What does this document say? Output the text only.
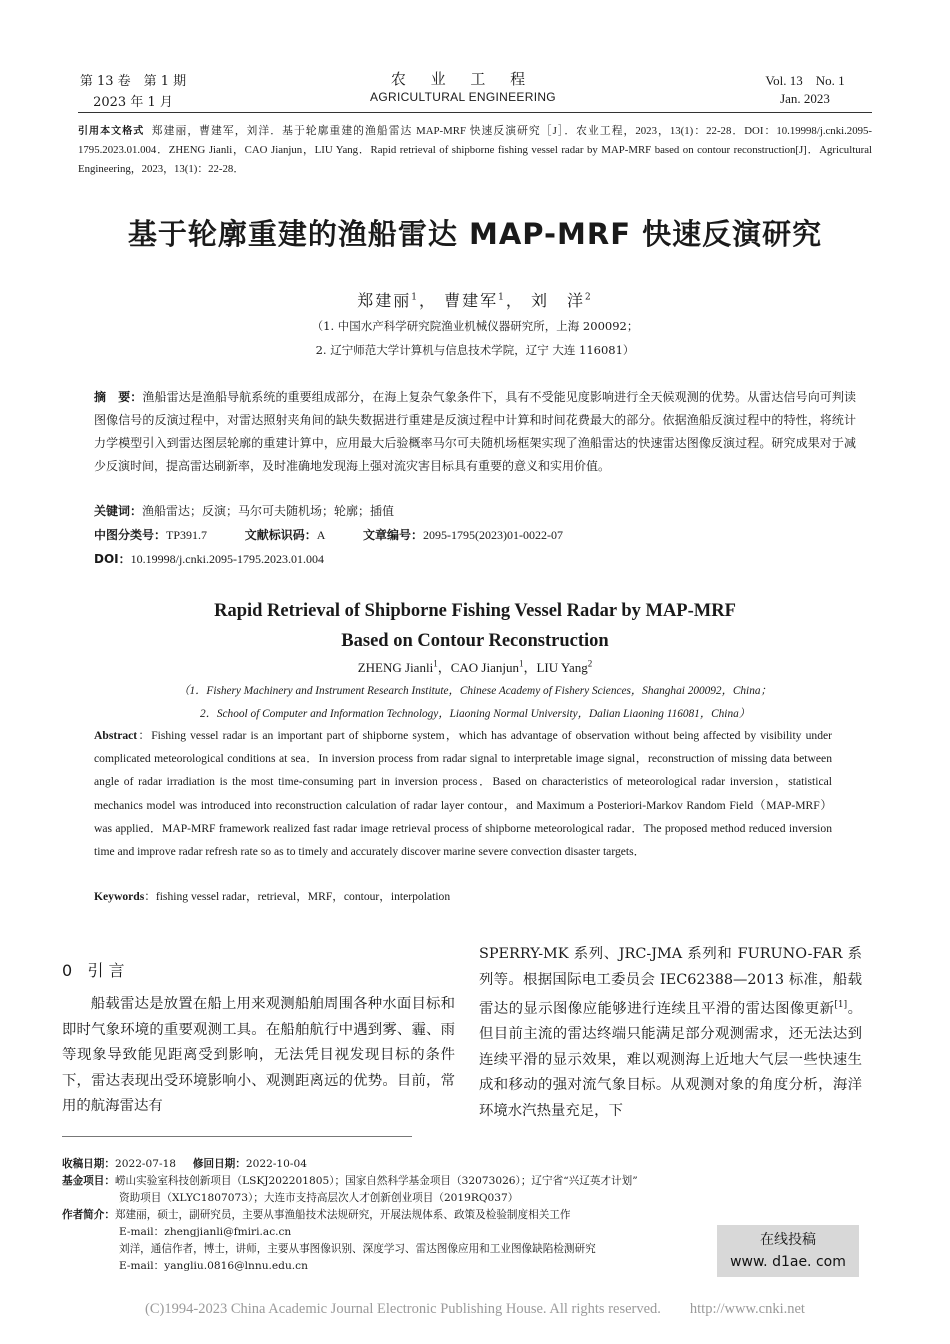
第 13 卷　第 1 期
2023 年 1 月
农 业 工 程
AGRICULTURAL ENGINEERING
Vol. 13　No. 1
Jan. 2023
引用本文格式 郑建丽，曹建军，刘洋．基于轮廓重建的渔船雷达 MAP-MRF 快速反演研究［J］．农业工程，2023，13(1)：22-28．DOI：10.19998/j.cnki.2095-1795.2023.01.004．ZHENG Jianli，CAO Jianjun，LIU Yang．Rapid retrieval of shipborne fishing vessel radar by MAP-MRF based on contour reconstruction[J]．Agricultural Engineering，2023，13(1)：22-28．
基于轮廓重建的渔船雷达 MAP-MRF 快速反演研究
郑建丽$^1$， 曹建军$^1$， 刘　洋$^2$
（1. 中国水产科学研究院渔业机械仪器研究所，上海 200092；
2. 辽宁师范大学计算机与信息技术学院，辽宁 大连 116081）
摘　要：渔船雷达是渔船导航系统的重要组成部分，在海上复杂气象条件下，具有不受能见度影响进行全天候观测的优势。从雷达信号向可判读图像信号的反演过程中，对雷达照射夹角间的缺失数据进行重建是反演过程中计算和时间花费最大的部分。依据渔船反演过程中的特性，将统计力学模型引入到雷达图层轮廓的重建计算中，应用最大后验概率马尔可夫随机场框架实现了渔船雷达的快速雷达图像反演过程。研究成果对于减少反演时间，提高雷达刷新率，及时准确地发现海上强对流灾害目标具有重要的意义和实用价值。
关键词：渔船雷达；反演；马尔可夫随机场；轮廓；插值
中图分类号：TP391.7	文献标识码：A	文章编号：2095-1795(2023)01-0022-07
DOI：10.19998/j.cnki.2095-1795.2023.01.004
Rapid Retrieval of Shipborne Fishing Vessel Radar by MAP-MRF
Based on Contour Reconstruction
ZHENG Jianli$^1$，CAO Jianjun$^1$，LIU Yang$^2$
（1．Fishery Machinery and Instrument Research Institute，Chinese Academy of Fishery Sciences，Shanghai 200092，China；
2．School of Computer and Information Technology，Liaoning Normal University，Dalian Liaoning 116081，China）
Abstract：Fishing vessel radar is an important part of shipborne system，which has advantage of observation without being affected by visibility under complicated meteorological conditions at sea．In inversion process from radar signal to interpretable image signal，reconstruction of missing data between angle of radar irradiation is the most time-consuming part in inversion process．Based on characteristics of meteorological radar inversion，statistical mechanics model was introduced into reconstruction calculation of radar layer contour，and Maximum a Posteriori-Markov Random Field（MAP-MRF）was applied．MAP-MRF framework realized fast radar image retrieval process of shipborne meteorological radar．The proposed method reduced inversion time and improve radar refresh rate so as to timely and accurately discover marine severe convection disaster targets．
Keywords：fishing vessel radar，retrieval，MRF，contour，interpolation
0 引 言

船载雷达是放置在船上用来观测船舶周围各种水面目标和即时气象环境的重要观测工具。在船舶航行中遇到雾、霾、雨等现象导致能见距离受到影响，无法凭目视发现目标的条件下，雷达表现出受环境影响小、观测距离远的优势。目前，常用的航海雷达有

SPERRY-MK 系列、JRC-JMA 系列和 FURUNO-FAR 系列等。根据国际电工委员会 IEC62388—2013 标准，船载雷达的显示图像应能够进行连续且平滑的雷达图像更新[1]。但目前主流的雷达终端只能满足部分观测需求，还无法达到连续平滑的显示效果，难以观测海上近地大气层一些快速生成和移动的强对流气象目标。从观测对象的角度分析，海洋环境水汽热量充足，下

收稿日期：2022-07-18 修回日期：2022-10-04
基金项目：崂山实验室科技创新项目（LSKJ202201805）；国家自然科学基金项目（32073026）；辽宁省“兴辽英才计划”
资助项目（XLYC1807073）；大连市支持高层次人才创新创业项目（2019RQ037）
作者简介：郑建丽，硕士，副研究员，主要从事渔船技术法规研究，开展法规体系、政策及检验制度相关工作
E-mail：zhengjianli@fmiri.ac.cn
刘洋，通信作者，博士，讲师，主要从事图像识别、深度学习、雷达图像应用和工业图像缺陷检测研究
E-mail：yangliu.0816@lnnu.edu.cn
在线投稿
www. d1ae. com
(C)1994-2023 China Academic Journal Electronic Publishing House. All rights reserved.　　http://www.cnki.net
